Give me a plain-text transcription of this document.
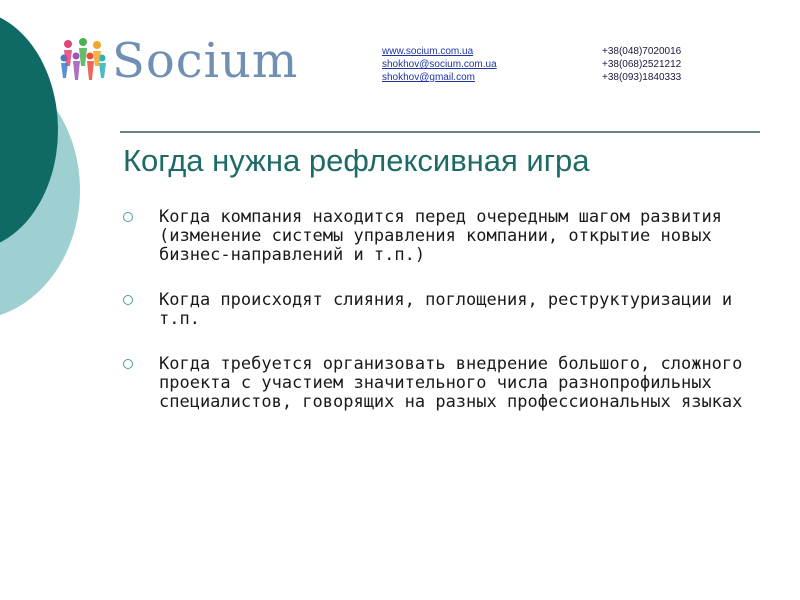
Socium	www.socium.com.ua
shokhov@socium.com.ua
shokhov@gmail.com
+38(048)7020016
+38(068)2521212
+38(093)1840333
Когда нужна рефлексивная игра
Когда компания находится перед очередным шагом развития (изменение системы управления компании, открытие новых бизнес-направлений и т.п.)
Когда происходят слияния, поглощения, реструктуризации и т.п.
Когда требуется организовать внедрение большого, сложного проекта с участием значительного числа разнопрофильных специалистов, говорящих на разных профессиональных языках
